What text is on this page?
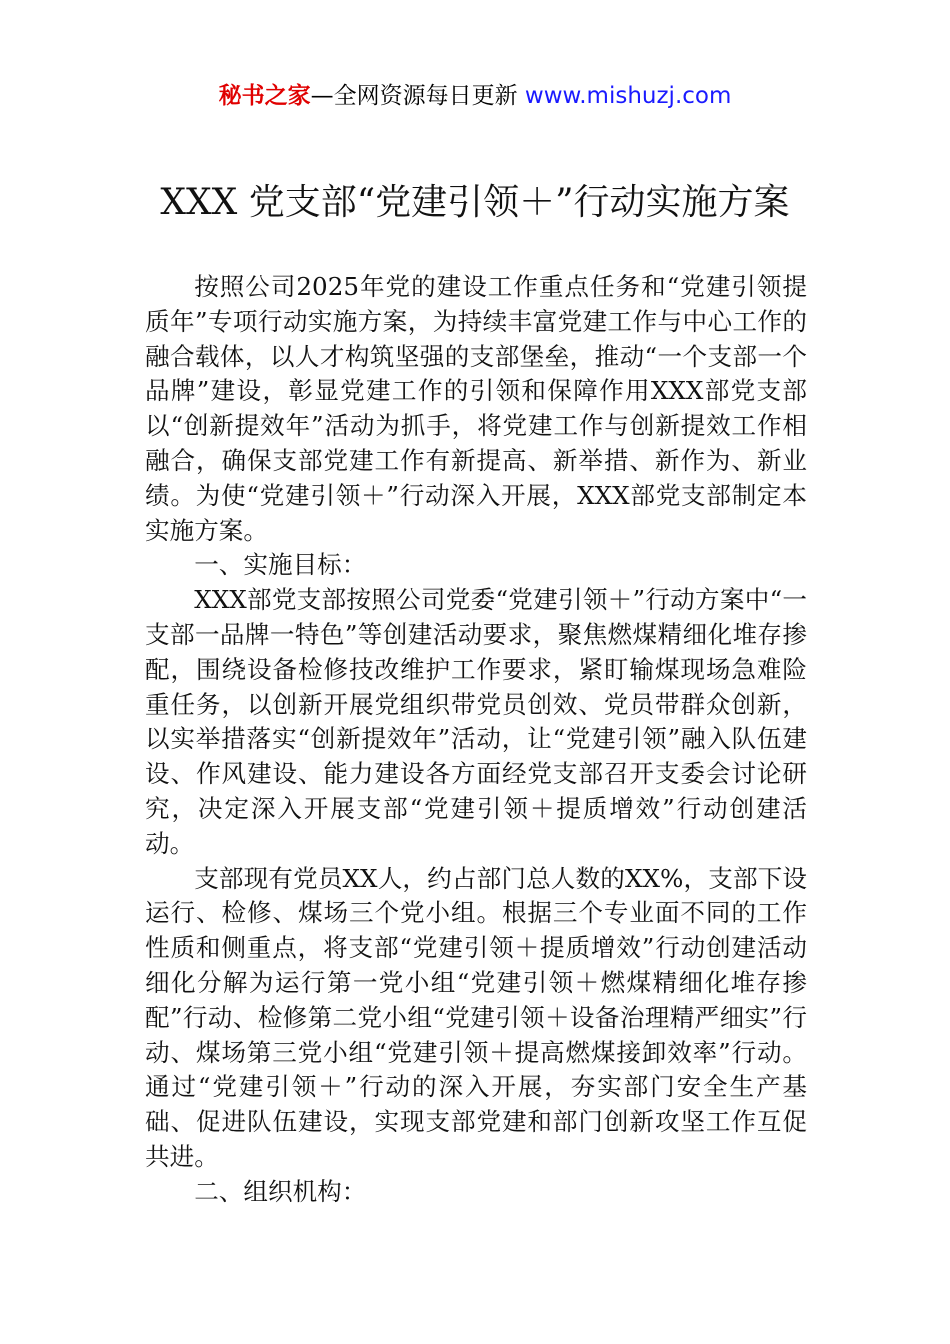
秘书之家—全网资源每日更新 www.mishuzj.com
XXX 党支部“党建引领＋”行动实施方案

按照公司2025年党的建设工作重点任务和“党建引领提质年”专项行动实施方案，为持续丰富党建工作与中心工作的融合载体，以人才构筑坚强的支部堡垒，推动“一个支部一个品牌”建设，彰显党建工作的引领和保障作用XXX部党支部以“创新提效年”活动为抓手，将党建工作与创新提效工作相融合，确保支部党建工作有新提高、新举措、新作为、新业绩。为使“党建引领＋”行动深入开展，XXX部党支部制定本实施方案。

一、实施目标：

XXX部党支部按照公司党委“党建引领＋”行动方案中“一支部一品牌一特色”等创建活动要求，聚焦燃煤精细化堆存掺配，围绕设备检修技改维护工作要求，紧盯输煤现场急难险重任务，以创新开展党组织带党员创效、党员带群众创新，以实举措落实“创新提效年”活动，让“党建引领”融入队伍建设、作风建设、能力建设各方面经党支部召开支委会讨论研究，决定深入开展支部“党建引领＋提质增效”行动创建活动。

支部现有党员XX人，约占部门总人数的XX%，支部下设运行、检修、煤场三个党小组。根据三个专业面不同的工作性质和侧重点，将支部“党建引领＋提质增效”行动创建活动细化分解为运行第一党小组“党建引领＋燃煤精细化堆存掺配”行动、检修第二党小组“党建引领＋设备治理精严细实”行动、煤场第三党小组“党建引领＋提高燃煤接卸效率”行动。通过“党建引领＋”行动的深入开展，夯实部门安全生产基础、促进队伍建设，实现支部党建和部门创新攻坚工作互促共进。

二、组织机构：
